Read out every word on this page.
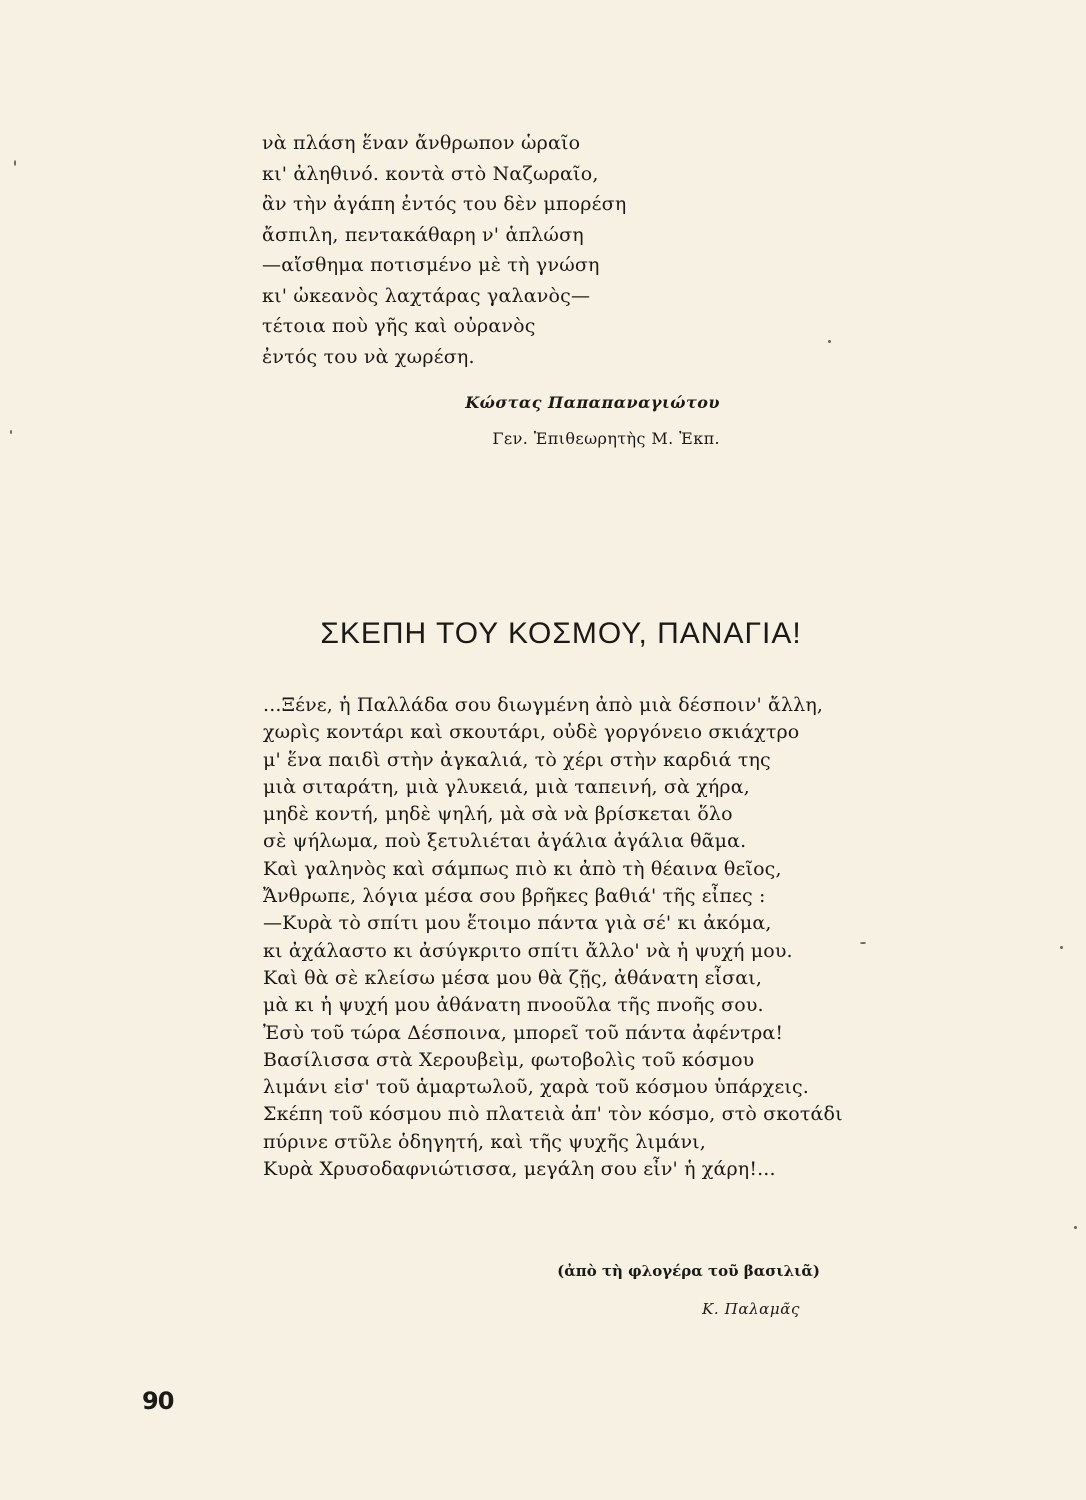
νὰ πλάση ἕναν ἄνθρωπον ὡραῖο
κι' ἀληθινό. κοντὰ στὸ Ναζωραῖο,
ἂν τὴν ἀγάπη ἐντός του δὲν μπορέση
ἄσπιλη, πεντακάθαρη ν' ἁπλώση
—αἴσθημα ποτισμένο μὲ τὴ γνώση
κι' ὠκεανὸς λαχτάρας γαλανὸς—
τέτοια ποὺ γῆς καὶ οὐρανὸς
ἐντός του νὰ χωρέση.
Κώστας Παπαπαναγιώτου
Γεν. Ἐπιθεωρητὴς Μ. Ἐκπ.
ΣΚΕΠΗ ΤΟΥ ΚΟΣΜΟΥ, ΠΑΝΑΓΙΑ!
...Ξένε, ἡ Παλλάδα σου διωγμένη ἀπὸ μιὰ δέσποιν' ἄλλη,
χωρὶς κοντάρι καὶ σκουτάρι, οὐδὲ γοργόνειο σκιάχτρο
μ' ἕνα παιδὶ στὴν ἀγκαλιά, τὸ χέρι στὴν καρδιά της
μιὰ σιταράτη, μιὰ γλυκειά, μιὰ ταπεινή, σὰ χήρα,
μηδὲ κοντή, μηδὲ ψηλή, μὰ σὰ νὰ βρίσκεται ὅλο
σὲ ψήλωμα, ποὺ ξετυλιέται ἀγάλια ἀγάλια θᾶμα.
Καὶ γαληνὸς καὶ σάμπως πιὸ κι ἀπὸ τὴ θέαινα θεῖος,
Ἄνθρωπε, λόγια μέσα σου βρῆκες βαθιά' τῆς εἶπες :
—Κυρὰ τὸ σπίτι μου ἕτοιμο πάντα γιὰ σέ' κι ἀκόμα,
κι ἀχάλαστο κι ἀσύγκριτο σπίτι ἄλλο' νὰ ἡ ψυχή μου.
Καὶ θὰ σὲ κλείσω μέσα μου θὰ ζῇς, ἀθάνατη εἶσαι,
μὰ κι ἡ ψυχή μου ἀθάνατη πνοοῦλα τῆς πνοῆς σου.
Ἐσὺ τοῦ τώρα Δέσποινα, μπορεῖ τοῦ πάντα ἀφέντρα!
Βασίλισσα στὰ Χερουβεὶμ, φωτοβολὶς τοῦ κόσμου
λιμάνι εἰσ' τοῦ ἁμαρτωλοῦ, χαρὰ τοῦ κόσμου ὑπάρχεις.
Σκέπη τοῦ κόσμου πιὸ πλατειὰ ἀπ' τὸν κόσμο, στὸ σκοτάδι
πύρινε στῦλε ὁδηγητή, καὶ τῆς ψυχῆς λιμάνι,
Κυρὰ Χρυσοδαφνιώτισσα, μεγάλη σου εἶν' ἡ χάρη!...
(ἀπὸ τὴ φλογέρα τοῦ βασιλιᾶ)
Κ. Παλαμᾶς
90
